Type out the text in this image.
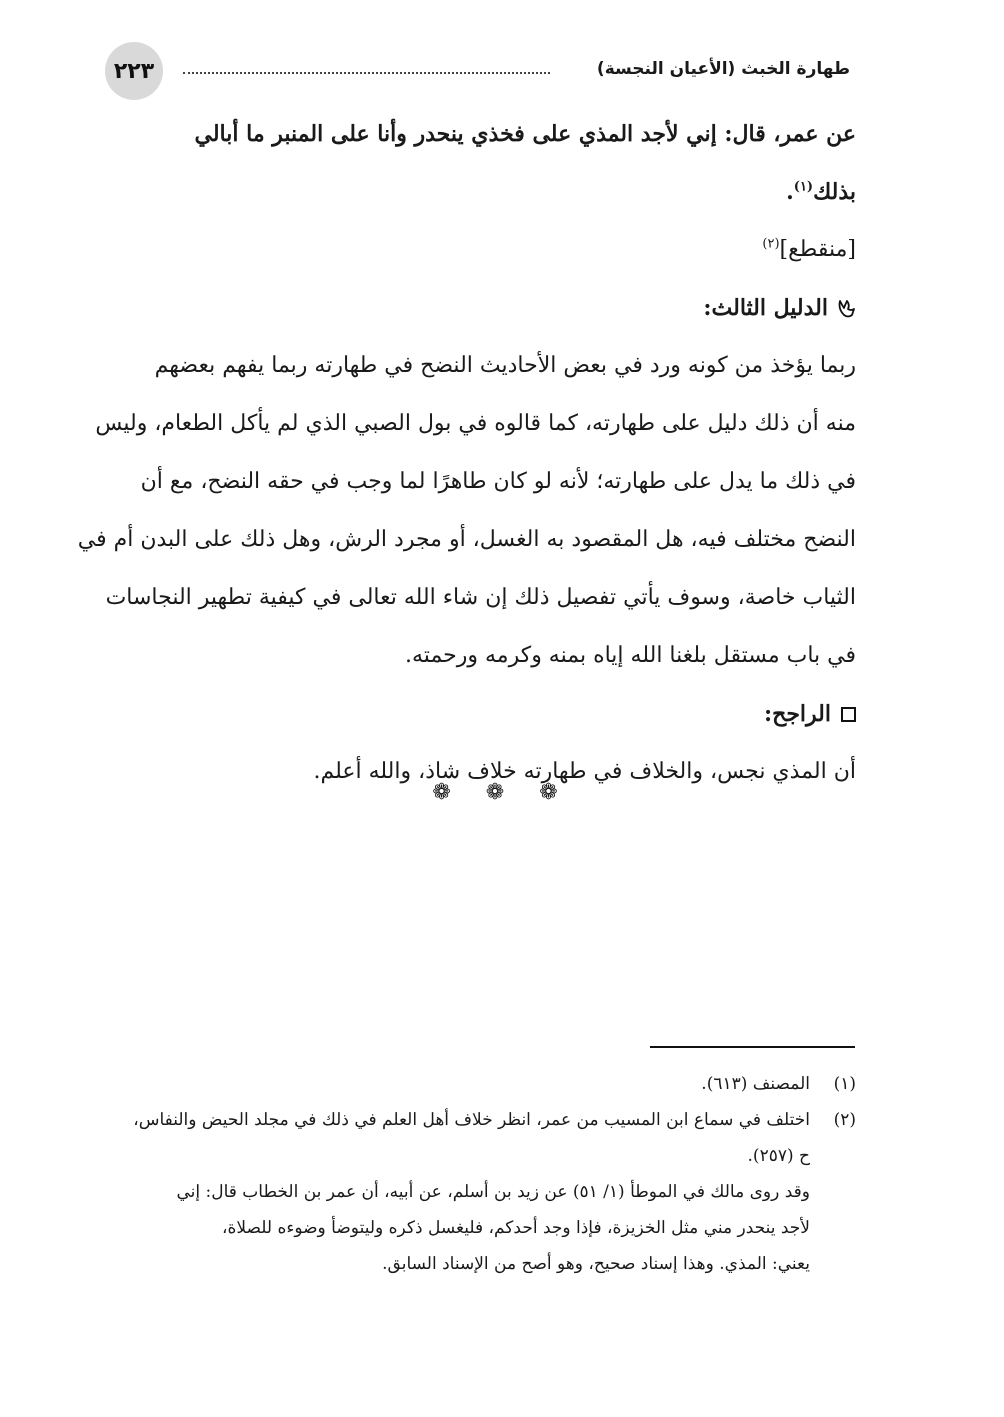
طهارة الخبث (الأعيان النجسة)
٢٢٣
عن عمر، قال: إني لأجد المذي على فخذي ينحدر وأنا على المنبر ما أبالي بذلك$^{(١)}$.
[منقطع]$^{(٢)}$
الدليل الثالث:
ربما يؤخذ من كونه ورد في بعض الأحاديث النضح في طهارته ربما يفهم بعضهم
منه أن ذلك دليل على طهارته، كما قالوه في بول الصبي الذي لم يأكل الطعام، وليس
في ذلك ما يدل على طهارته؛ لأنه لو كان طاهرًا لما وجب في حقه النضح، مع أن
النضح مختلف فيه، هل المقصود به الغسل، أو مجرد الرش، وهل ذلك على البدن أم في
الثياب خاصة، وسوف يأتي تفصيل ذلك إن شاء الله تعالى في كيفية تطهير النجاسات
في باب مستقل بلغنا الله إياه بمنه وكرمه ورحمته.
الراجح:
أن المذي نجس، والخلاف في طهارته خلاف شاذ، والله أعلم.
❁ ❁ ❁
(١)
المصنف (٦١٣).
(٢)
اختلف في سماع ابن المسيب من عمر، انظر خلاف أهل العلم في ذلك في مجلد الحيض والنفاس،
ح (٢٥٧).
وقد روى مالك في الموطأ (١/ ٥١) عن زيد بن أسلم، عن أبيه، أن عمر بن الخطاب قال: إني
لأجد ينحدر مني مثل الخزيزة، فإذا وجد أحدكم، فليغسل ذكره وليتوضأ وضوءه للصلاة،
يعني: المذي. وهذا إسناد صحيح، وهو أصح من الإسناد السابق.
